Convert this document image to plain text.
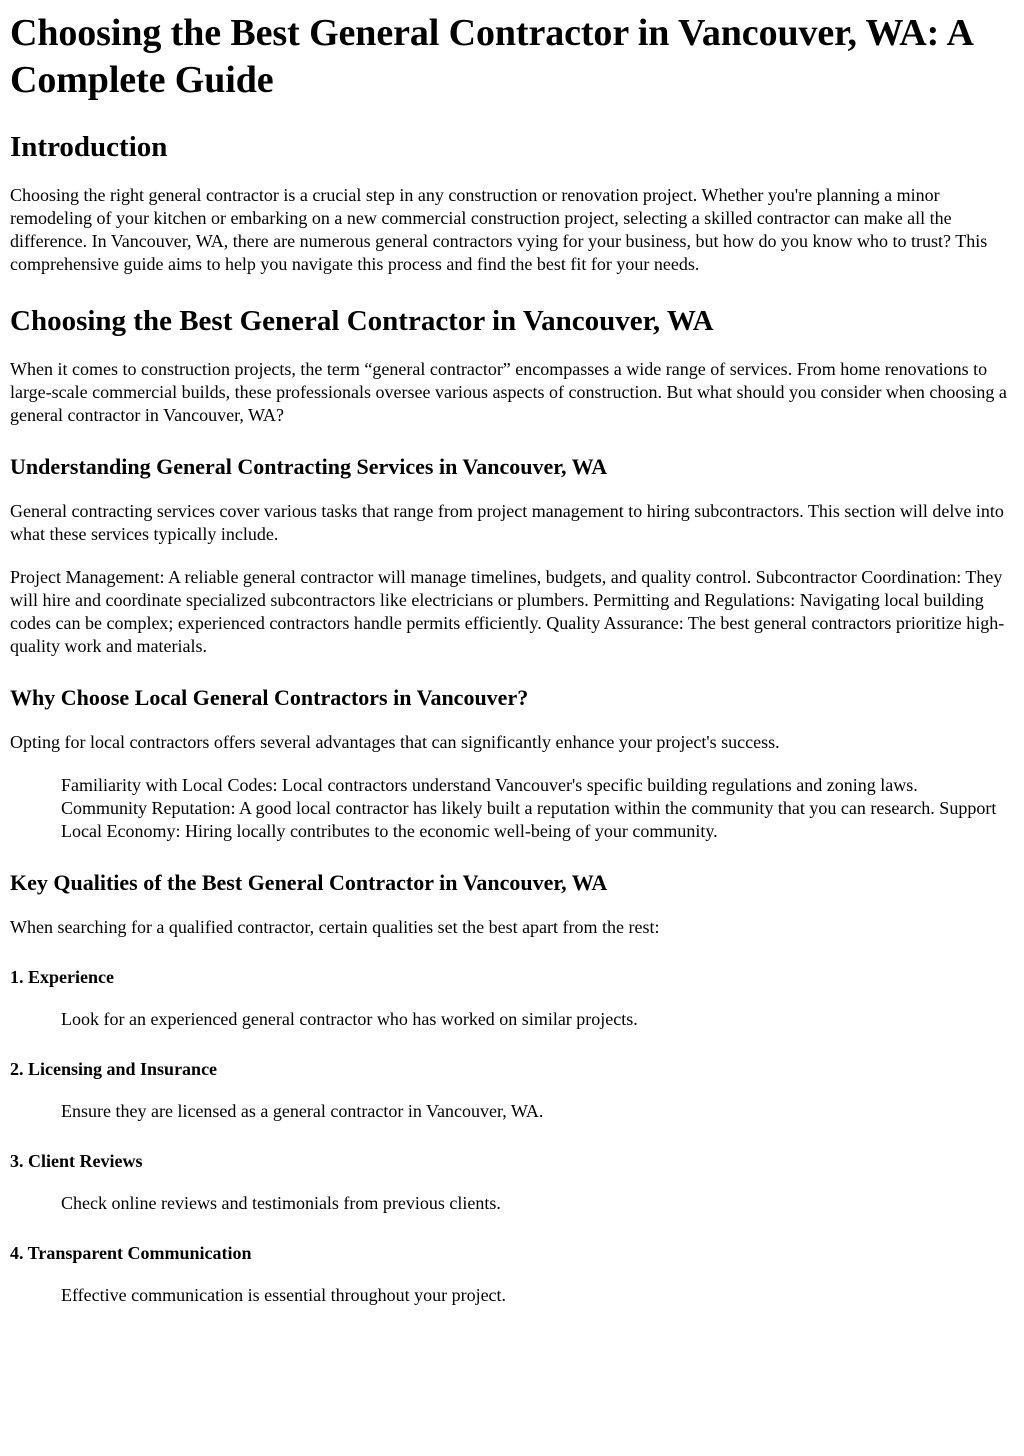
Choosing the Best General Contractor in Vancouver, WA: A Complete Guide
Introduction

Choosing the right general contractor is a crucial step in any construction or renovation project. Whether you're planning a minor remodeling of your kitchen or embarking on a new commercial construction project, selecting a skilled contractor can make all the difference. In Vancouver, WA, there are numerous general contractors vying for your business, but how do you know who to trust? This comprehensive guide aims to help you navigate this process and find the best fit for your needs.

Choosing the Best General Contractor in Vancouver, WA

When it comes to construction projects, the term “general contractor” encompasses a wide range of services. From home renovations to large-scale commercial builds, these professionals oversee various aspects of construction. But what should you consider when choosing a general contractor in Vancouver, WA?

Understanding General Contracting Services in Vancouver, WA

General contracting services cover various tasks that range from project management to hiring subcontractors. This section will delve into what these services typically include.

Project Management: A reliable general contractor will manage timelines, budgets, and quality control. Subcontractor Coordination: They will hire and coordinate specialized subcontractors like electricians or plumbers. Permitting and Regulations: Navigating local building codes can be complex; experienced contractors handle permits efficiently. Quality Assurance: The best general contractors prioritize high-quality work and materials.

Why Choose Local General Contractors in Vancouver?

Opting for local contractors offers several advantages that can significantly enhance your project's success.

Familiarity with Local Codes: Local contractors understand Vancouver's specific building regulations and zoning laws. Community Reputation: A good local contractor has likely built a reputation within the community that you can research. Support Local Economy: Hiring locally contributes to the economic well-being of your community.
Key Qualities of the Best General Contractor in Vancouver, WA

When searching for a qualified contractor, certain qualities set the best apart from the rest:

1. Experience
Look for an experienced general contractor who has worked on similar projects.
2. Licensing and Insurance
Ensure they are licensed as a general contractor in Vancouver, WA.
3. Client Reviews
Check online reviews and testimonials from previous clients.
4. Transparent Communication
Effective communication is essential throughout your project.
